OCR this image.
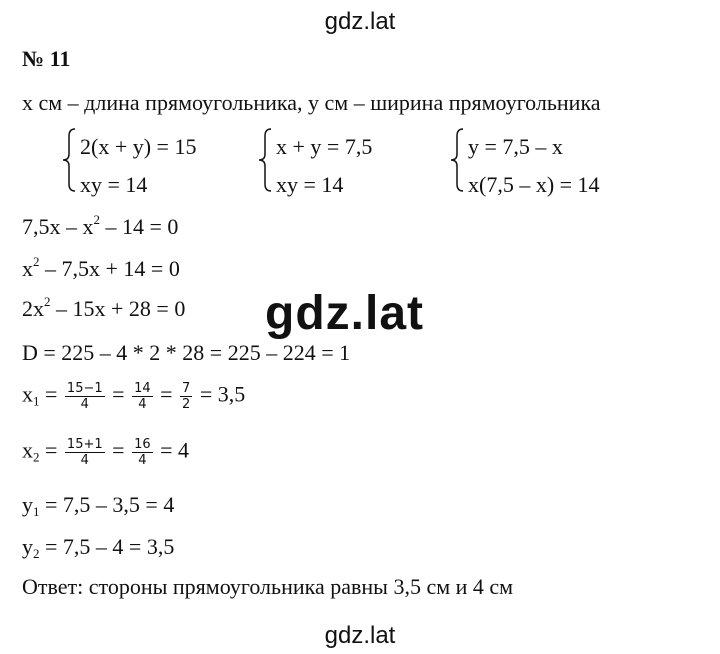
gdz.lat
№ 11
x см – длина прямоугольника, y см – ширина прямоугольника
2(x + y) = 15
xy = 14
x + y = 7,5
xy = 14
y = 7,5 – x
x(7,5 – x) = 14
$7,5x - x^2 - 14 = 0$
$x^2 - 7,5x + 14 = 0$
$2x^2 - 15x + 28 = 0$ gdz.lat
D = 225 – 4 * 2 * 28 = 225 – 224 = 1
$x_1 = \frac{15-1}{4} = \frac{14}{4} = \frac{7}{2} = 3,5$
$x_2 = \frac{15+1}{4} = \frac{16}{4} = 4$
$y_1 = 7,5 - 3,5 = 4$
$y_2 = 7,5 - 4 = 3,5$
Ответ: стороны прямоугольника равны 3,5 см и 4 см
gdz.lat
